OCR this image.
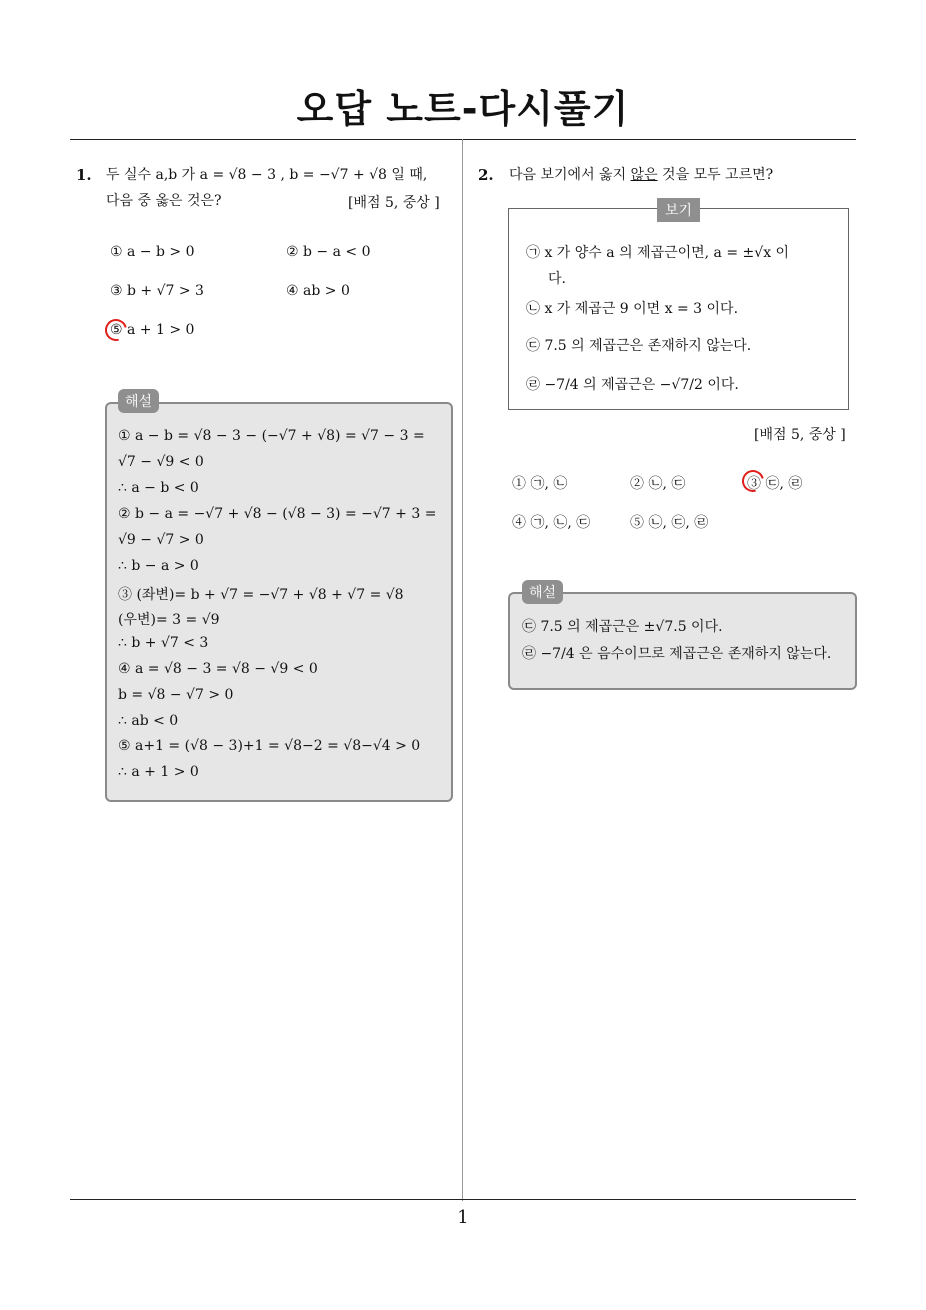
오답 노트-다시풀기
1
1. 두 실수 a,b 가 a = √8 − 3 , b = −√7 + √8 일 때,
다음 중 옳은 것은?	[배점 5, 중상 ]
① a − b > 0	② b − a < 0
③ b + √7 > 3	④ ab > 0
⑤ a + 1 > 0
해설
① a − b = √8 − 3 − (−√7 + √8) = √7 − 3 =
√7 − √9 < 0
∴ a − b < 0
② b − a = −√7 + √8 − (√8 − 3) = −√7 + 3 =
√9 − √7 > 0
∴ b − a > 0
③ (좌변)= b + √7 = −√7 + √8 + √7 = √8
(우변)= 3 = √9
∴ b + √7 < 3
④ a = √8 − 3 = √8 − √9 < 0
b = √8 − √7 > 0
∴ ab < 0
⑤ a+1 = (√8 − 3)+1 = √8−2 = √8−√4 > 0
∴ a + 1 > 0
2. 다음 보기에서 옳지 않은 것을 모두 고르면?
보기
㉠ x 가 양수 a 의 제곱근이면, a = ±√x 이
다.
㉡ x 가 제곱근 9 이면 x = 3 이다.
㉢ 7.5 의 제곱근은 존재하지 않는다.
㉣ −7/4 의 제곱근은 −√7/2 이다.
[배점 5, 중상 ]
① ㉠, ㉡	② ㉡, ㉢	③ ㉢, ㉣
④ ㉠, ㉡, ㉢	⑤ ㉡, ㉢, ㉣
해설
㉢ 7.5 의 제곱근은 ±√7.5 이다.
㉣ −7/4 은 음수이므로 제곱근은 존재하지 않는다.
